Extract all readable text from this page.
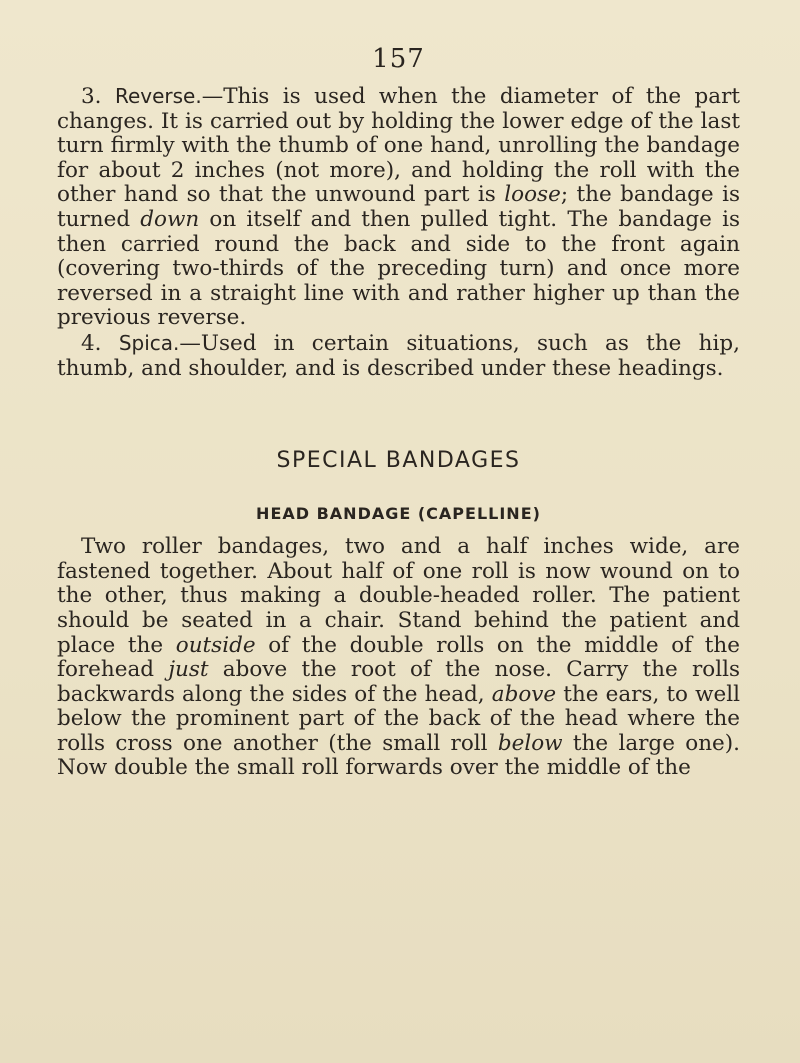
157

3. Reverse.—This is used when the diameter of the part changes. It is carried out by holding the lower edge of the last turn firmly with the thumb of one hand, unrolling the bandage for about 2 inches (not more), and holding the roll with the other hand so that the unwound part is loose; the bandage is turned down on itself and then pulled tight. The bandage is then carried round the back and side to the front again (covering two-thirds of the preceding turn) and once more reversed in a straight line with and rather higher up than the previous reverse.

4. Spica.—Used in certain situations, such as the hip, thumb, and shoulder, and is described under these headings.

SPECIAL BANDAGES
HEAD BANDAGE (CAPELLINE)

Two roller bandages, two and a half inches wide, are fastened together. About half of one roll is now wound on to the other, thus making a double-headed roller. The patient should be seated in a chair. Stand behind the patient and place the outside of the double rolls on the middle of the forehead just above the root of the nose. Carry the rolls backwards along the sides of the head, above the ears, to well below the prominent part of the back of the head where the rolls cross one another (the small roll below the large one). Now double the small roll forwards over the middle of the
